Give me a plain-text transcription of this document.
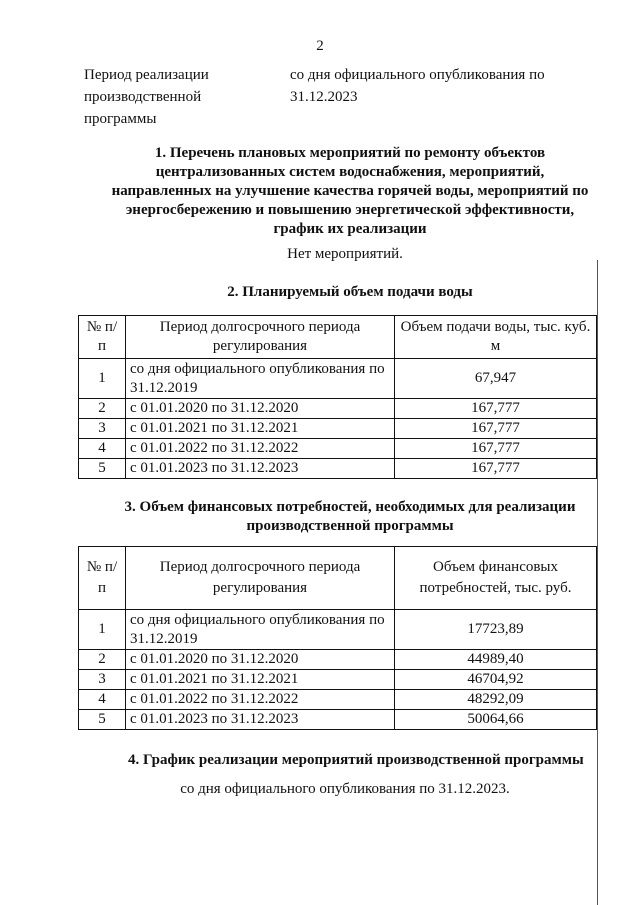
2
Период реализации производственной программы
со дня официального опубликования по 31.12.2023
1. Перечень плановых мероприятий по ремонту объектов централизованных систем водоснабжения, мероприятий, направленных на улучшение качества горячей воды, мероприятий по энергосбережению и повышению энергетической эффективности, график их реализации
Нет мероприятий.
2. Планируемый объем подачи воды
№ п/п	Период долгосрочного периода регулирования	Объем подачи воды, тыс. куб. м
1	со дня официального опубликования по 31.12.2019	67,947
2	с 01.01.2020 по 31.12.2020	167,777
3	с 01.01.2021 по 31.12.2021	167,777
4	с 01.01.2022 по 31.12.2022	167,777
5	с 01.01.2023 по 31.12.2023	167,777
3. Объем финансовых потребностей, необходимых для реализации производственной программы
№ п/п	Период долгосрочного периода регулирования	Объем финансовых потребностей, тыс. руб.
1	со дня официального опубликования по 31.12.2019	17723,89
2	с 01.01.2020 по 31.12.2020	44989,40
3	с 01.01.2021 по 31.12.2021	46704,92
4	с 01.01.2022 по 31.12.2022	48292,09
5	с 01.01.2023 по 31.12.2023	50064,66
4. График реализации мероприятий производственной программы
со дня официального опубликования по 31.12.2023.
